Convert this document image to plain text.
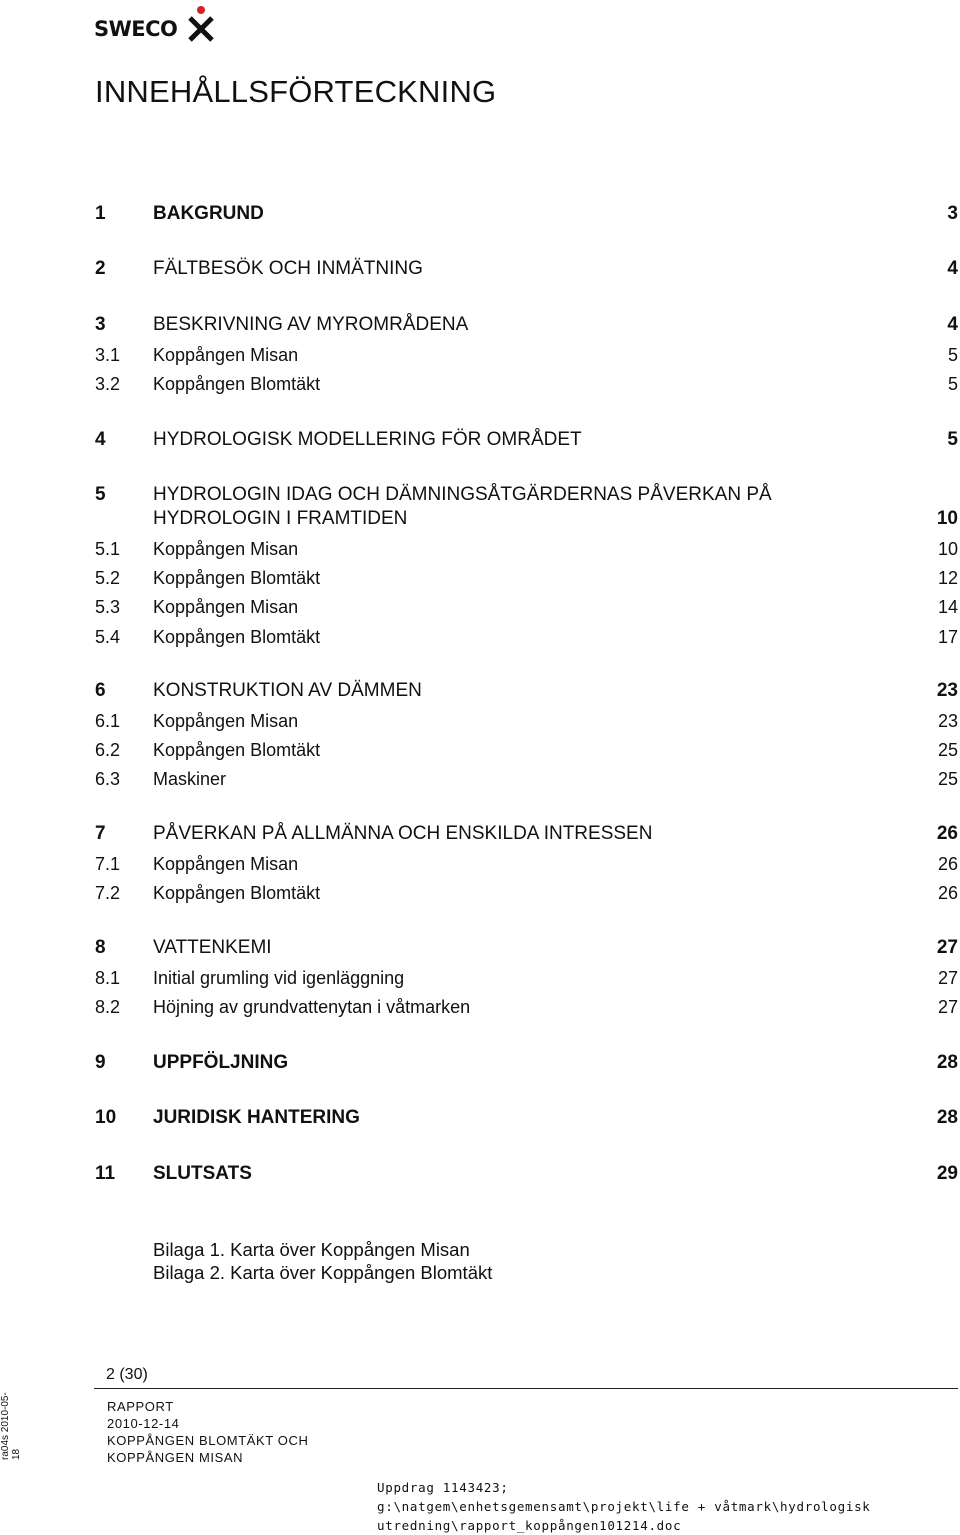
SWECO
INNEHÅLLSFÖRTECKNING
1 BAKGRUND	3
2 FÄLTBESÖK OCH INMÄTNING	4
3 BESKRIVNING AV MYROMRÅDENA	4
3.1 Koppången Misan	5
3.2 Koppången Blomtäkt	5
4 HYDROLOGISK MODELLERING FÖR OMRÅDET	5
5 HYDROLOGIN IDAG OCH DÄMNINGSÅTGÄRDERNAS PÅVERKAN PÅ
HYDROLOGIN I FRAMTIDEN	10
5.1 Koppången Misan	10
5.2 Koppången Blomtäkt	12
5.3 Koppången Misan	14
5.4 Koppången Blomtäkt	17
6 KONSTRUKTION AV DÄMMEN	23
6.1 Koppången Misan	23
6.2 Koppången Blomtäkt	25
6.3 Maskiner	25
7 PÅVERKAN PÅ ALLMÄNNA OCH ENSKILDA INTRESSEN	26
7.1 Koppången Misan	26
7.2 Koppången Blomtäkt	26
8 VATTENKEMI	27
8.1 Initial grumling vid igenläggning	27
8.2 Höjning av grundvattenytan i våtmarken	27
9 UPPFÖLJNING	28
10 JURIDISK HANTERING	28
11 SLUTSATS	29
Bilaga 1. Karta över Koppången Misan
Bilaga 2. Karta över Koppången Blomtäkt
2 (30)
ra04s 2010-05-18
RAPPORT
2010-12-14
KOPPÅNGEN BLOMTÄKT OCH
KOPPÅNGEN MISAN
Uppdrag 1143423;
g:\natgem\enhetsgemensamt\projekt\life + våtmark\hydrologisk
utredning\rapport_koppången101214.doc
